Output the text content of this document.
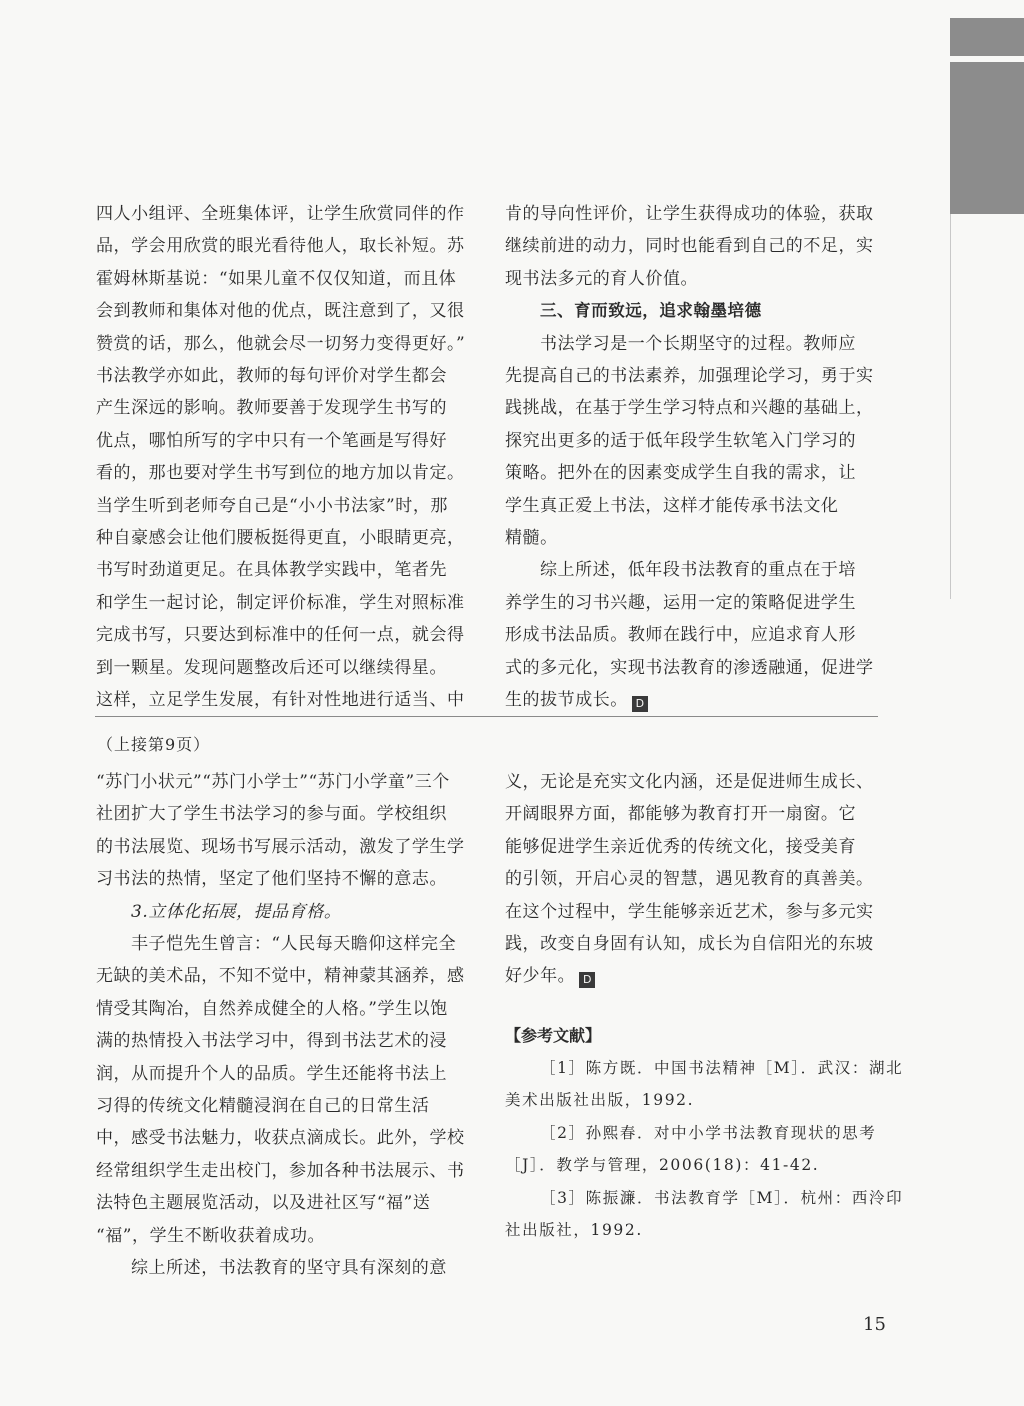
四人小组评、全班集体评，让学生欣赏同伴的作

品，学会用欣赏的眼光看待他人，取长补短。苏

霍姆林斯基说：“如果儿童不仅仅知道，而且体

会到教师和集体对他的优点，既注意到了，又很

赞赏的话，那么，他就会尽一切努力变得更好。”

书法教学亦如此，教师的每句评价对学生都会

产生深远的影响。教师要善于发现学生书写的

优点，哪怕所写的字中只有一个笔画是写得好

看的，那也要对学生书写到位的地方加以肯定。

当学生听到老师夸自己是“小小书法家”时，那

种自豪感会让他们腰板挺得更直，小眼睛更亮，

书写时劲道更足。在具体教学实践中，笔者先

和学生一起讨论，制定评价标准，学生对照标准

完成书写，只要达到标准中的任何一点，就会得

到一颗星。发现问题整改后还可以继续得星。

这样，立足学生发展，有针对性地进行适当、中

肯的导向性评价，让学生获得成功的体验，获取

继续前进的动力，同时也能看到自己的不足，实

现书法多元的育人价值。

三、育而致远，追求翰墨培德

书法学习是一个长期坚守的过程。教师应

先提高自己的书法素养，加强理论学习，勇于实

践挑战，在基于学生学习特点和兴趣的基础上，

探究出更多的适于低年段学生软笔入门学习的

策略。把外在的因素变成学生自我的需求，让

学生真正爱上书法，这样才能传承书法文化

精髓。

综上所述，低年段书法教育的重点在于培

养学生的习书兴趣，运用一定的策略促进学生

形成书法品质。教师在践行中，应追求育人形

式的多元化，实现书法教育的渗透融通，促进学

生的拔节成长。 D

（上接第9页）

“苏门小状元”“苏门小学士”“苏门小学童”三个

社团扩大了学生书法学习的参与面。学校组织

的书法展览、现场书写展示活动，激发了学生学

习书法的热情，坚定了他们坚持不懈的意志。

3.立体化拓展，提品育格。

丰子恺先生曾言：“人民每天瞻仰这样完全

无缺的美术品，不知不觉中，精神蒙其涵养，感

情受其陶冶，自然养成健全的人格。”学生以饱

满的热情投入书法学习中，得到书法艺术的浸

润，从而提升个人的品质。学生还能将书法上

习得的传统文化精髓浸润在自己的日常生活

中，感受书法魅力，收获点滴成长。此外，学校

经常组织学生走出校门，参加各种书法展示、书

法特色主题展览活动，以及进社区写“福”送

“福”，学生不断收获着成功。

综上所述，书法教育的坚守具有深刻的意

义，无论是充实文化内涵，还是促进师生成长、

开阔眼界方面，都能够为教育打开一扇窗。它

能够促进学生亲近优秀的传统文化，接受美育

的引领，开启心灵的智慧，遇见教育的真善美。

在这个过程中，学生能够亲近艺术，参与多元实

践，改变自身固有认知，成长为自信阳光的东坡

好少年。 D

【参考文献】

［1］陈方既．中国书法精神［M］．武汉：湖北

美术出版社出版，1992.

［2］孙熙春．对中小学书法教育现状的思考

［J］．教学与管理，2006(18)：41-42.

［3］陈振濂．书法教育学［M］．杭州：西泠印

社出版社，1992.

15
